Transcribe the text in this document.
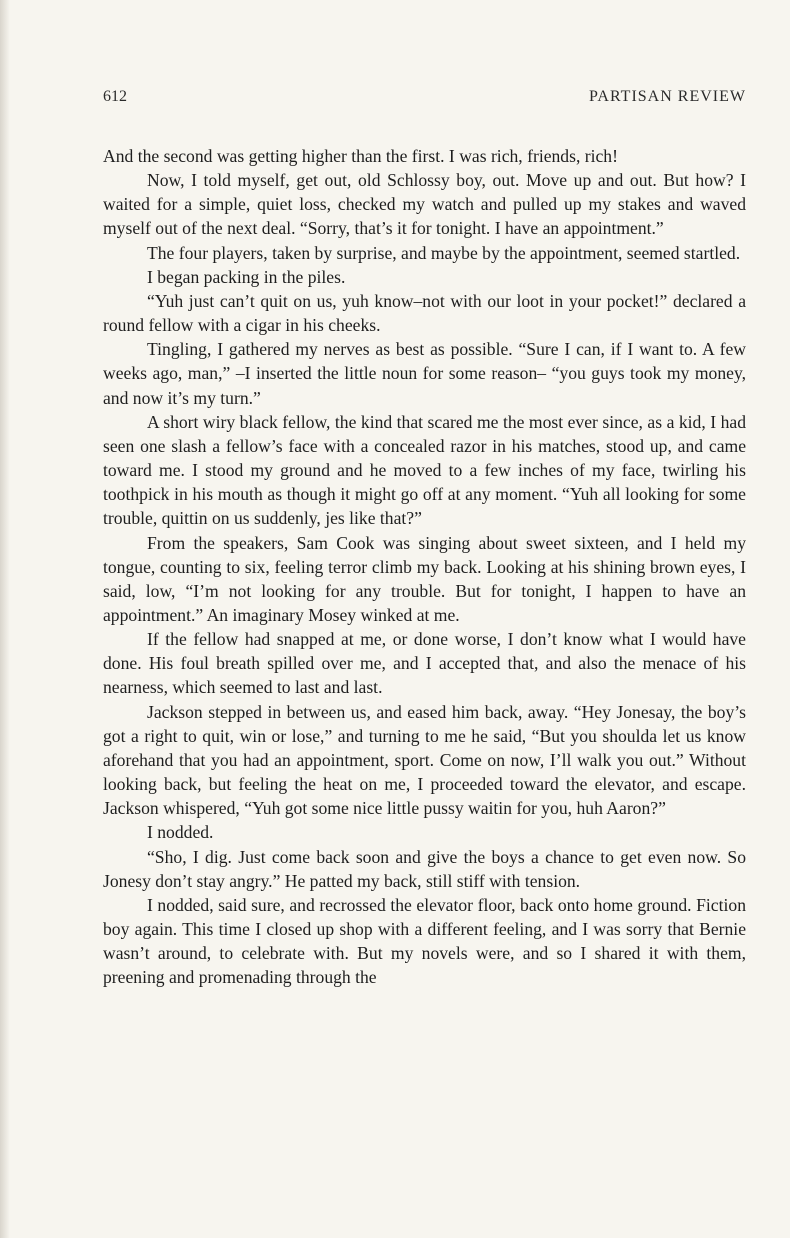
612	PARTISAN REVIEW

And the second was getting higher than the first. I was rich, friends, rich!

Now, I told myself, get out, old Schlossy boy, out. Move up and out. But how? I waited for a simple, quiet loss, checked my watch and pulled up my stakes and waved myself out of the next deal. “Sorry, that’s it for tonight. I have an appointment.”

The four players, taken by surprise, and maybe by the appointment, seemed startled.

I began packing in the piles.

“Yuh just can’t quit on us, yuh know–not with our loot in your pocket!” declared a round fellow with a cigar in his cheeks.

Tingling, I gathered my nerves as best as possible. “Sure I can, if I want to. A few weeks ago, man,” –I inserted the little noun for some reason– “you guys took my money, and now it’s my turn.”

A short wiry black fellow, the kind that scared me the most ever since, as a kid, I had seen one slash a fellow’s face with a concealed razor in his matches, stood up, and came toward me. I stood my ground and he moved to a few inches of my face, twirling his toothpick in his mouth as though it might go off at any moment. “Yuh all looking for some trouble, quittin on us suddenly, jes like that?”

From the speakers, Sam Cook was singing about sweet sixteen, and I held my tongue, counting to six, feeling terror climb my back. Looking at his shining brown eyes, I said, low, “I’m not looking for any trouble. But for tonight, I happen to have an appointment.” An imaginary Mosey winked at me.

If the fellow had snapped at me, or done worse, I don’t know what I would have done. His foul breath spilled over me, and I accepted that, and also the menace of his nearness, which seemed to last and last.

Jackson stepped in between us, and eased him back, away. “Hey Jonesay, the boy’s got a right to quit, win or lose,” and turning to me he said, “But you shoulda let us know aforehand that you had an appointment, sport. Come on now, I’ll walk you out.” Without looking back, but feeling the heat on me, I proceeded toward the elevator, and escape. Jackson whispered, “Yuh got some nice little pussy waitin for you, huh Aaron?”

I nodded.

“Sho, I dig. Just come back soon and give the boys a chance to get even now. So Jonesy don’t stay angry.” He patted my back, still stiff with tension.

I nodded, said sure, and recrossed the elevator floor, back onto home ground. Fiction boy again. This time I closed up shop with a different feeling, and I was sorry that Bernie wasn’t around, to celebrate with. But my novels were, and so I shared it with them, preening and promenading through the
